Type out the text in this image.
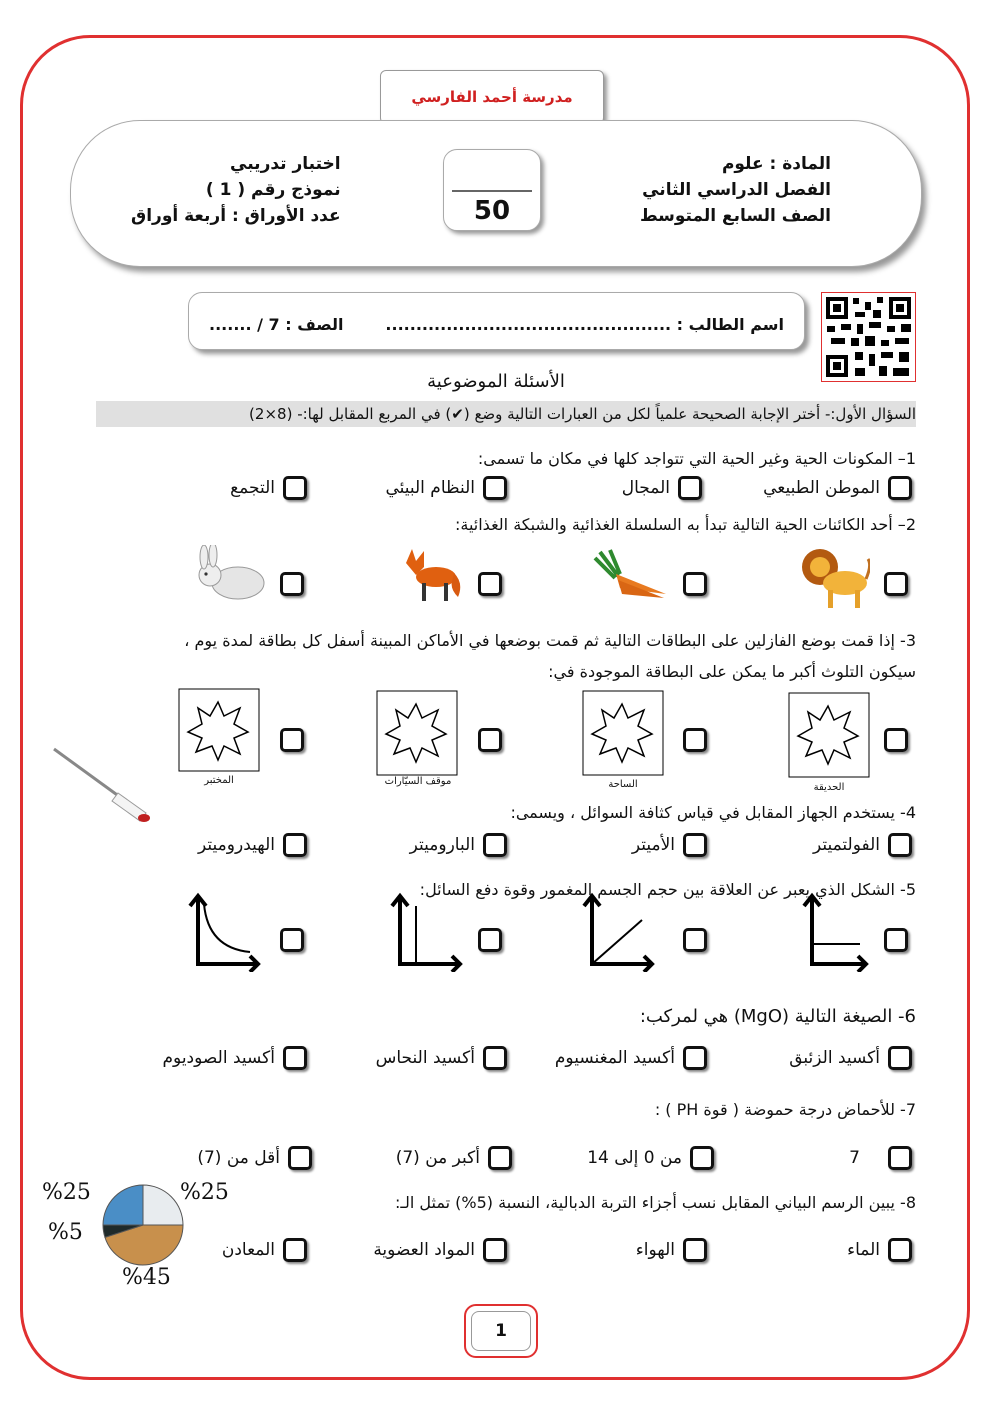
مدرسة أحمد الفارسي
المادة : علوم
الفصل الدراسي الثاني
الصف السابع المتوسط
50
اختبار تدريبي
نموذج رقم ( 1 )
عدد الأوراق : أربعة أوراق
اسم الطالب : ...............................................
الصف : 7 / .......
الأسئلة الموضوعية
السؤال الأول:- أختر الإجابة الصحيحة علمياً لكل من العبارات التالية وضع (✔) في المربع المقابل لها:- (8×2)
1– المكونات الحية وغير الحية التي تتواجد كلها في مكان ما تسمى:
الموطن الطبيعي
المجال
النظام البيئي
التجمع
2– أحد الكائنات الحية التالية تبدأ به السلسلة الغذائية والشبكة الغذائية:
3- إذا قمت بوضع الفازلين على البطاقات التالية ثم قمت بوضعها في الأماكن المبينة أسفل كل بطاقة لمدة يوم ،
سيكون التلوث أكبر ما يمكن على البطاقة الموجودة في:
الحديقة
الساحة
موقف السيّارات
المختبر
4- يستخدم الجهاز المقابل في قياس كثافة السوائل ، ويسمى:
الفولتميتر
الأميتر
الباروميتر
الهيدروميتر
5- الشكل الذي يعبر عن العلاقة بين حجم الجسم المغمور وقوة دفع السائل:
6- الصيغة التالية (MgO) هي لمركب:
أكسيد الزئبق
أكسيد المغنسيوم
أكسيد النحاس
أكسيد الصوديوم
7- للأحماض درجة حموضة ( قوة PH ) :
7
من 0 إلى 14
أكبر من (7)
أقل من (7)
8- يبين الرسم البياني المقابل نسب أجزاء التربة الدبالية، النسبة (5%) تمثل الـ:
الماء
الهواء
المواد العضوية
المعادن
%25	%25
%5
%45
1
